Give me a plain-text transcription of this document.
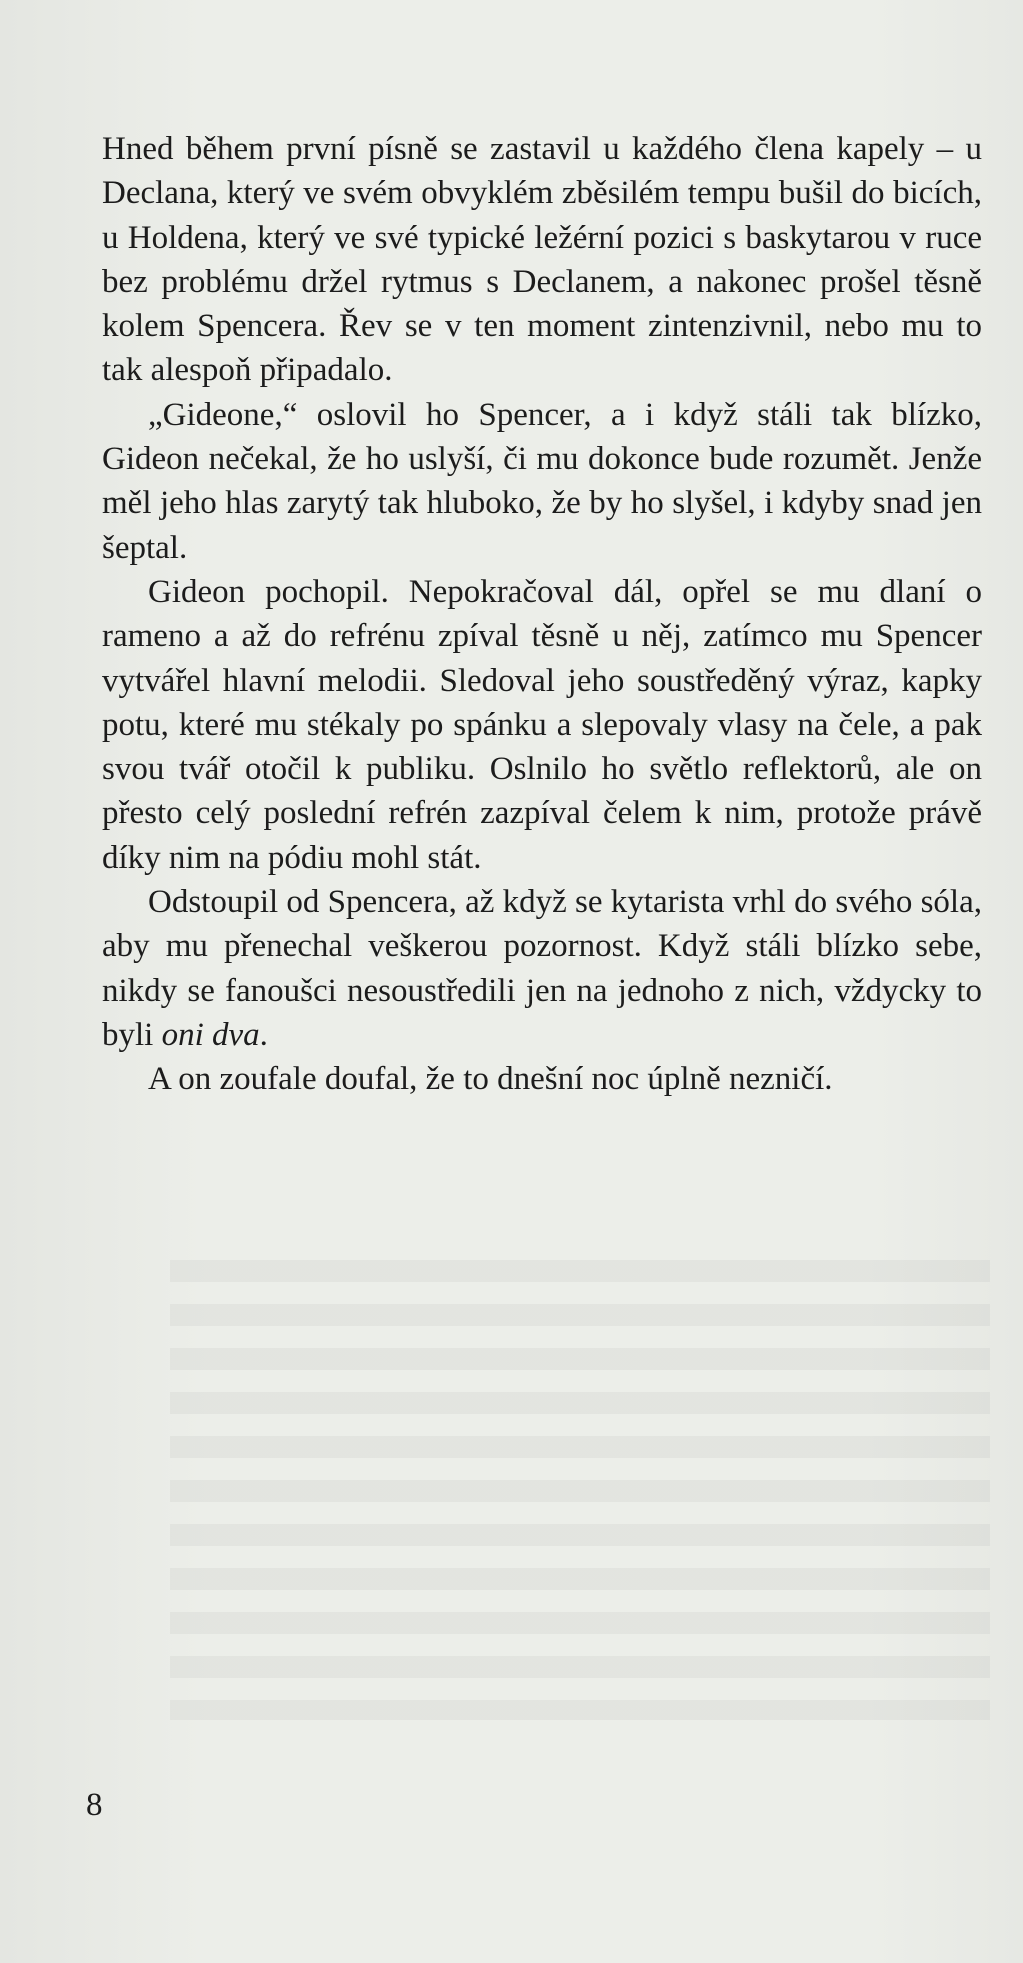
Hned během první písně se zastavil u každého člena kapely – u Declana, který ve svém obvyklém zběsilém tempu bušil do bicích, u Holdena, který ve své typické ležérní pozici s baskytarou v ruce bez problému držel rytmus s Declanem, a nakonec prošel těsně kolem Spencera. Řev se v ten moment zintenzivnil, nebo mu to tak alespoň připadalo.

„Gideone,“ oslovil ho Spencer, a i když stáli tak blízko, Gideon nečekal, že ho uslyší, či mu dokonce bude rozumět. Jenže měl jeho hlas zarytý tak hluboko, že by ho slyšel, i kdyby snad jen šeptal.

Gideon pochopil. Nepokračoval dál, opřel se mu dlaní o rameno a až do refrénu zpíval těsně u něj, zatímco mu Spencer vytvářel hlavní melodii. Sledoval jeho soustředěný výraz, kapky potu, které mu stékaly po spánku a slepovaly vlasy na čele, a pak svou tvář otočil k publiku. Oslnilo ho světlo reflektorů, ale on přesto celý poslední refrén zazpíval čelem k nim, protože právě díky nim na pódiu mohl stát.

Odstoupil od Spencera, až když se kytarista vrhl do svého sóla, aby mu přenechal veškerou pozornost. Když stáli blízko sebe, nikdy se fanoušci nesoustředili jen na jednoho z nich, vždycky to byli oni dva.

A on zoufale doufal, že to dnešní noc úplně nezničí.

8
